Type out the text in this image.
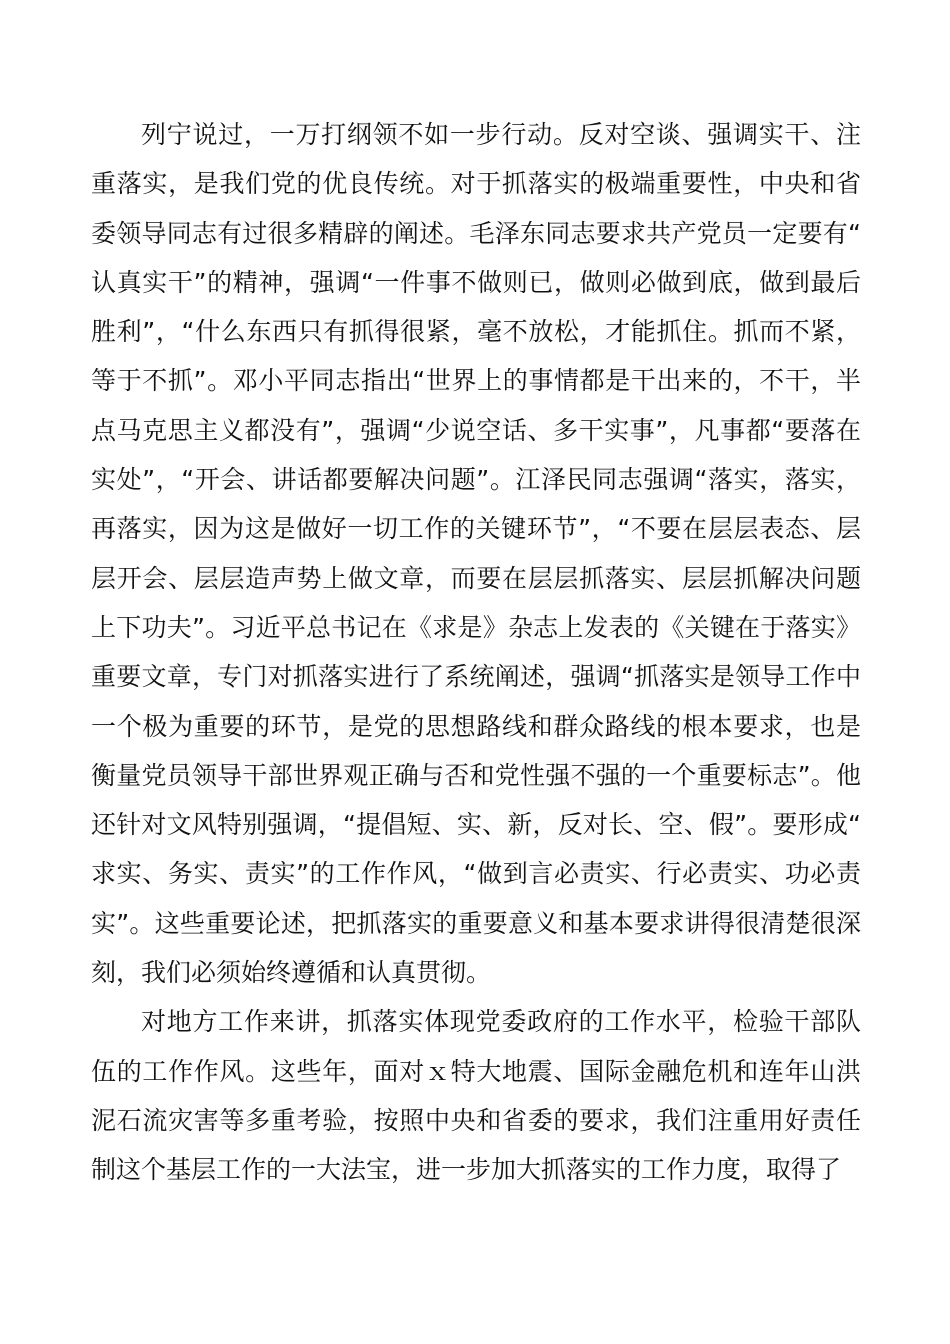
列宁说过，一万打纲领不如一步行动。反对空谈、强调实干、注重落实，是我们党的优良传统。对于抓落实的极端重要性，中央和省委领导同志有过很多精辟的阐述。毛泽东同志要求共产党员一定要有“认真实干”的精神，强调“一件事不做则已，做则必做到底，做到最后胜利”，“什么东西只有抓得很紧，毫不放松，才能抓住。抓而不紧，等于不抓”。邓小平同志指出“世界上的事情都是干出来的，不干，半点马克思主义都没有”，强调“少说空话、多干实事”，凡事都“要落在实处”，“开会、讲话都要解决问题”。江泽民同志强调“落实，落实，再落实，因为这是做好一切工作的关键环节”，“不要在层层表态、层层开会、层层造声势上做文章，而要在层层抓落实、层层抓解决问题上下功夫”。习近平总书记在《求是》杂志上发表的《关键在于落实》重要文章，专门对抓落实进行了系统阐述，强调“抓落实是领导工作中一个极为重要的环节，是党的思想路线和群众路线的根本要求，也是衡量党员领导干部世界观正确与否和党性强不强的一个重要标志”。他还针对文风特别强调，“提倡短、实、新，反对长、空、假”。要形成“求实、务实、责实”的工作作风，“做到言必责实、行必责实、功必责实”。这些重要论述，把抓落实的重要意义和基本要求讲得很清楚很深刻，我们必须始终遵循和认真贯彻。

对地方工作来讲，抓落实体现党委政府的工作水平，检验干部队伍的工作作风。这些年，面对ｘ特大地震、国际金融危机和连年山洪泥石流灾害等多重考验，按照中央和省委的要求，我们注重用好责任制这个基层工作的一大法宝，进一步加大抓落实的工作力度，取得了
